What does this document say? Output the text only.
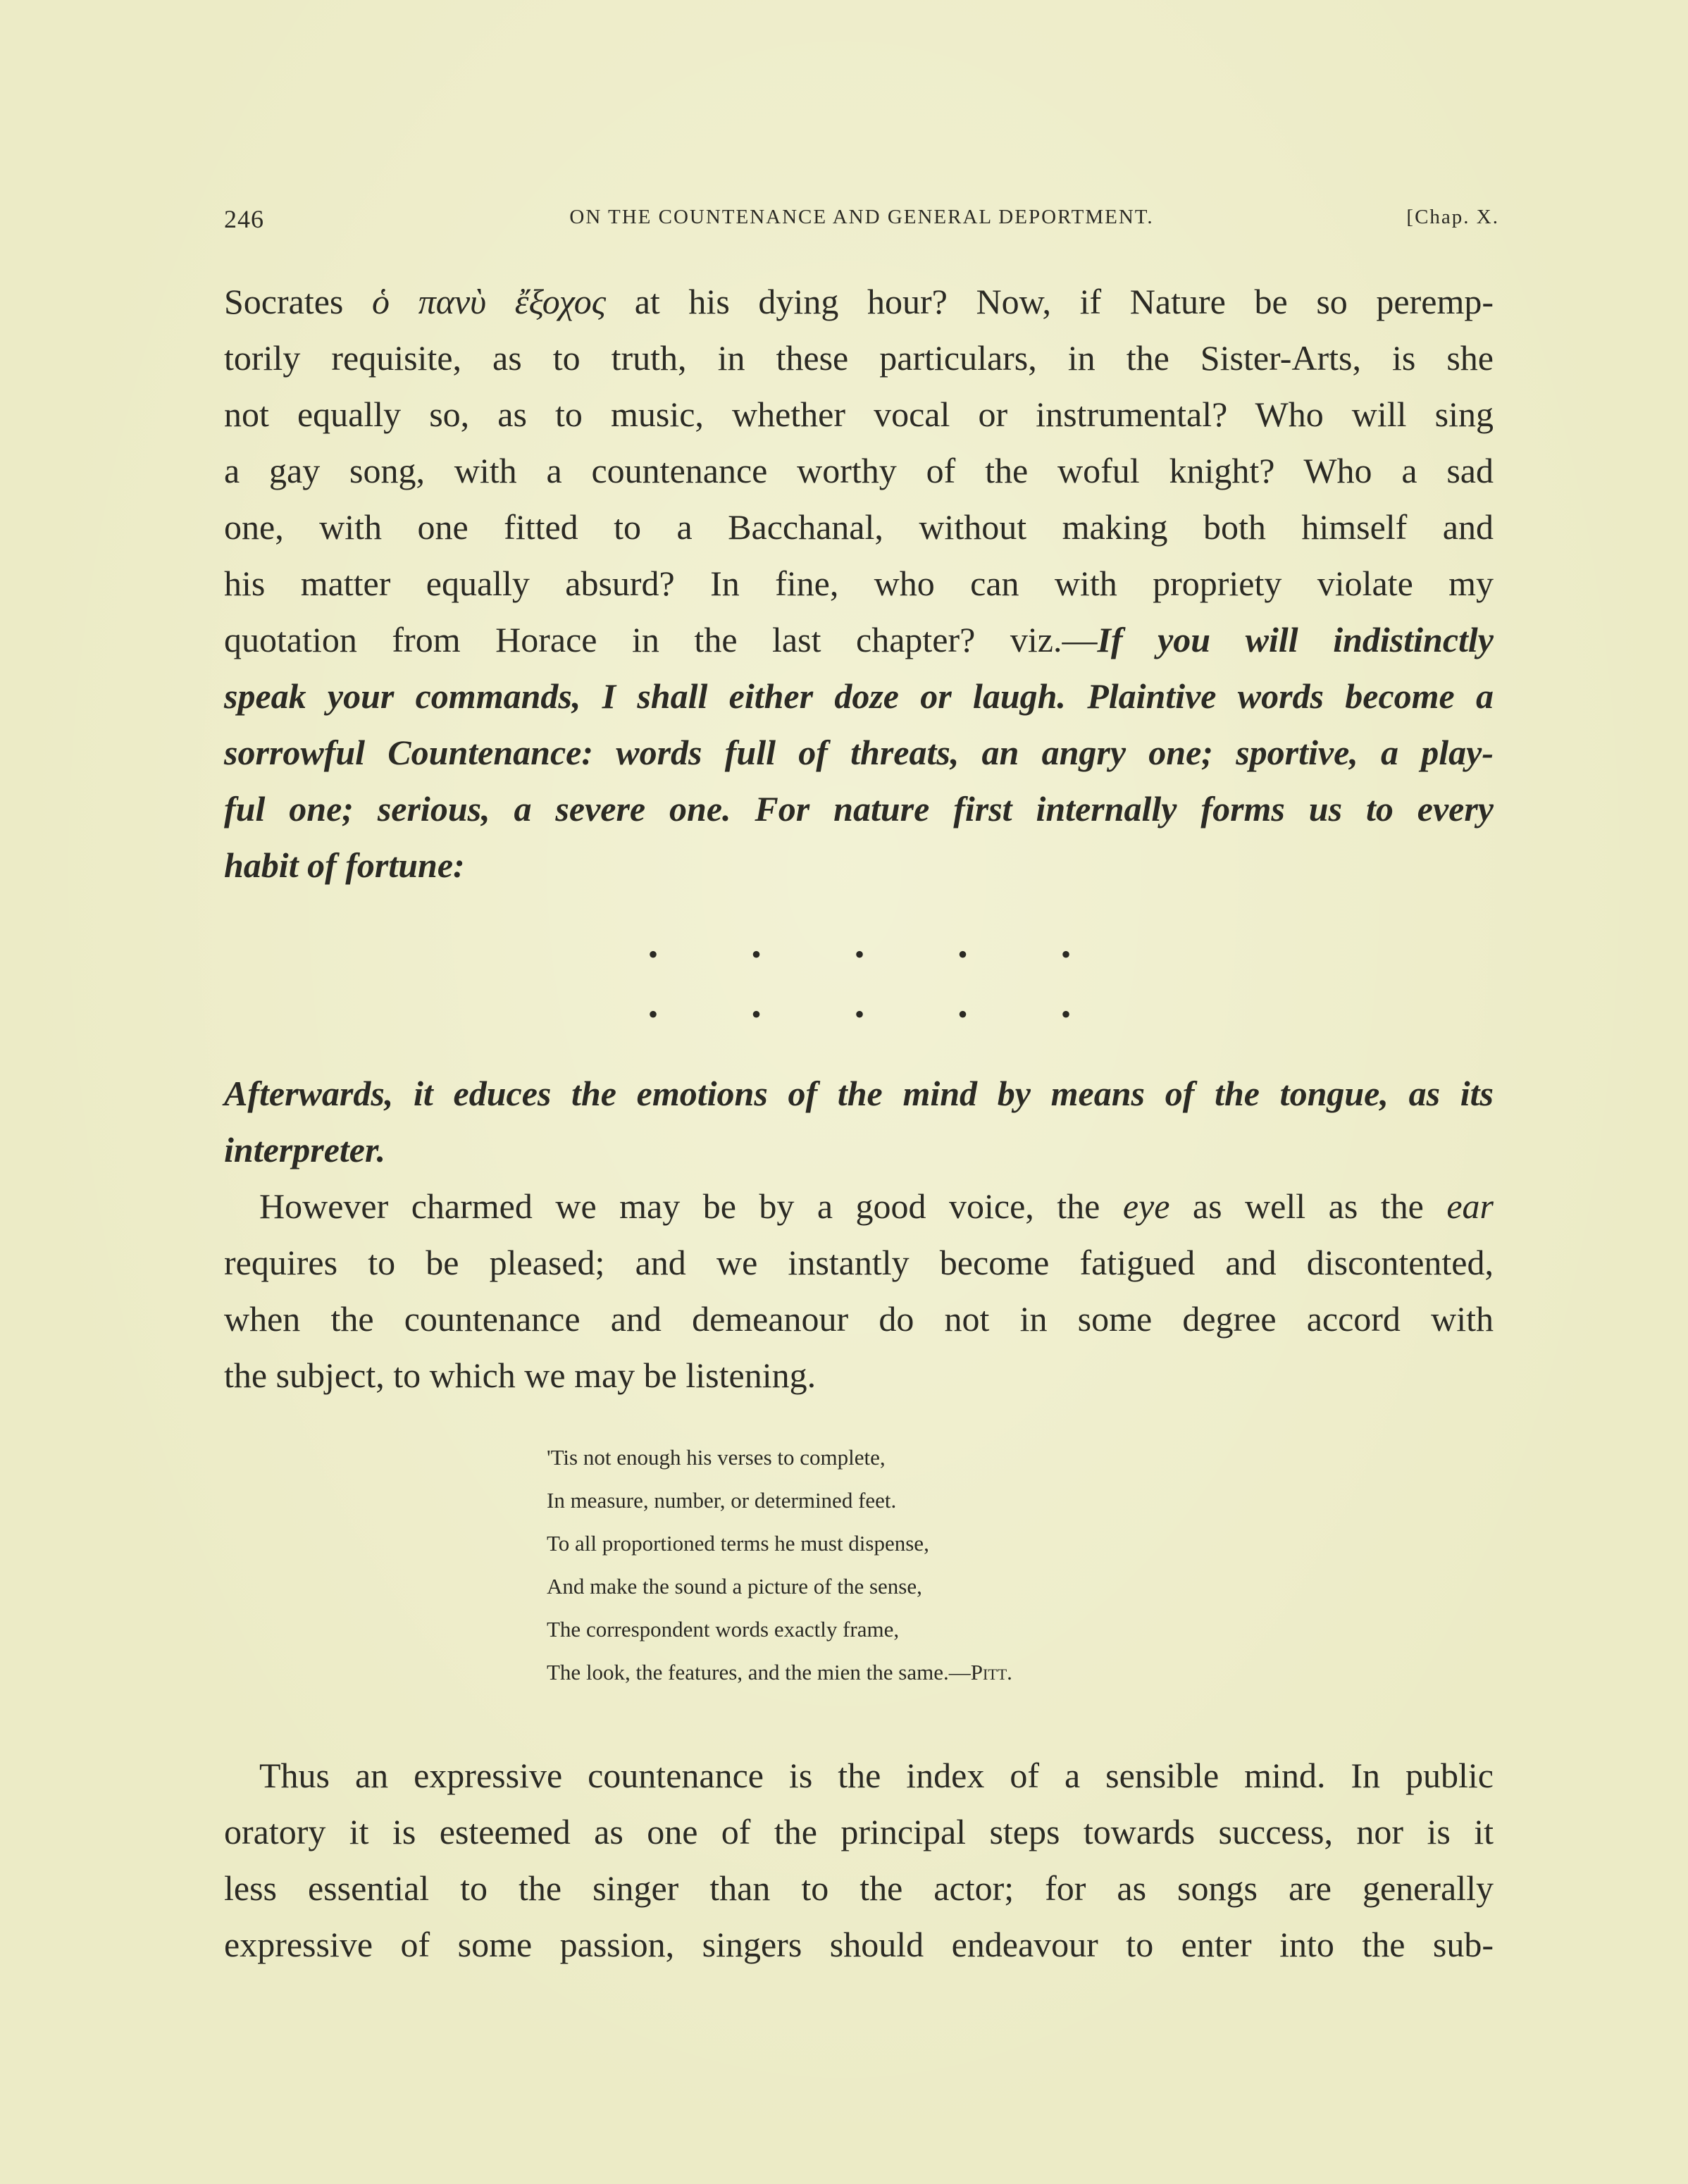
246	ON THE COUNTENANCE AND GENERAL DEPORTMENT.	[Chap. X.
Socrates ὁ πανὺ ἔξοχος at his dying hour? Now, if Nature be so peremp-
torily requisite, as to truth, in these particulars, in the Sister-Arts, is she
not equally so, as to music, whether vocal or instrumental? Who will sing
a gay song, with a countenance worthy of the woful knight? Who a sad
one, with one fitted to a Bacchanal, without making both himself and
his matter equally absurd? In fine, who can with propriety violate my
quotation from Horace in the last chapter? viz.—If you will indistinctly
speak your commands, I shall either doze or laugh. Plaintive words become a
sorrowful Countenance: words full of threats, an angry one; sportive, a play-
ful one; serious, a severe one. For nature first internally forms us to every
habit of fortune:
•	•	•	•	•
•	•	•	•	•
Afterwards, it educes the emotions of the mind by means of the tongue, as its
interpreter.
However charmed we may be by a good voice, the eye as well as the ear
requires to be pleased; and we instantly become fatigued and discontented,
when the countenance and demeanour do not in some degree accord with
the subject, to which we may be listening.
'Tis not enough his verses to complete,
In measure, number, or determined feet.
To all proportioned terms he must dispense,
And make the sound a picture of the sense,
The correspondent words exactly frame,
The look, the features, and the mien the same.—Pitt.
Thus an expressive countenance is the index of a sensible mind. In public
oratory it is esteemed as one of the principal steps towards success, nor is it
less essential to the singer than to the actor; for as songs are generally
expressive of some passion, singers should endeavour to enter into the sub-
